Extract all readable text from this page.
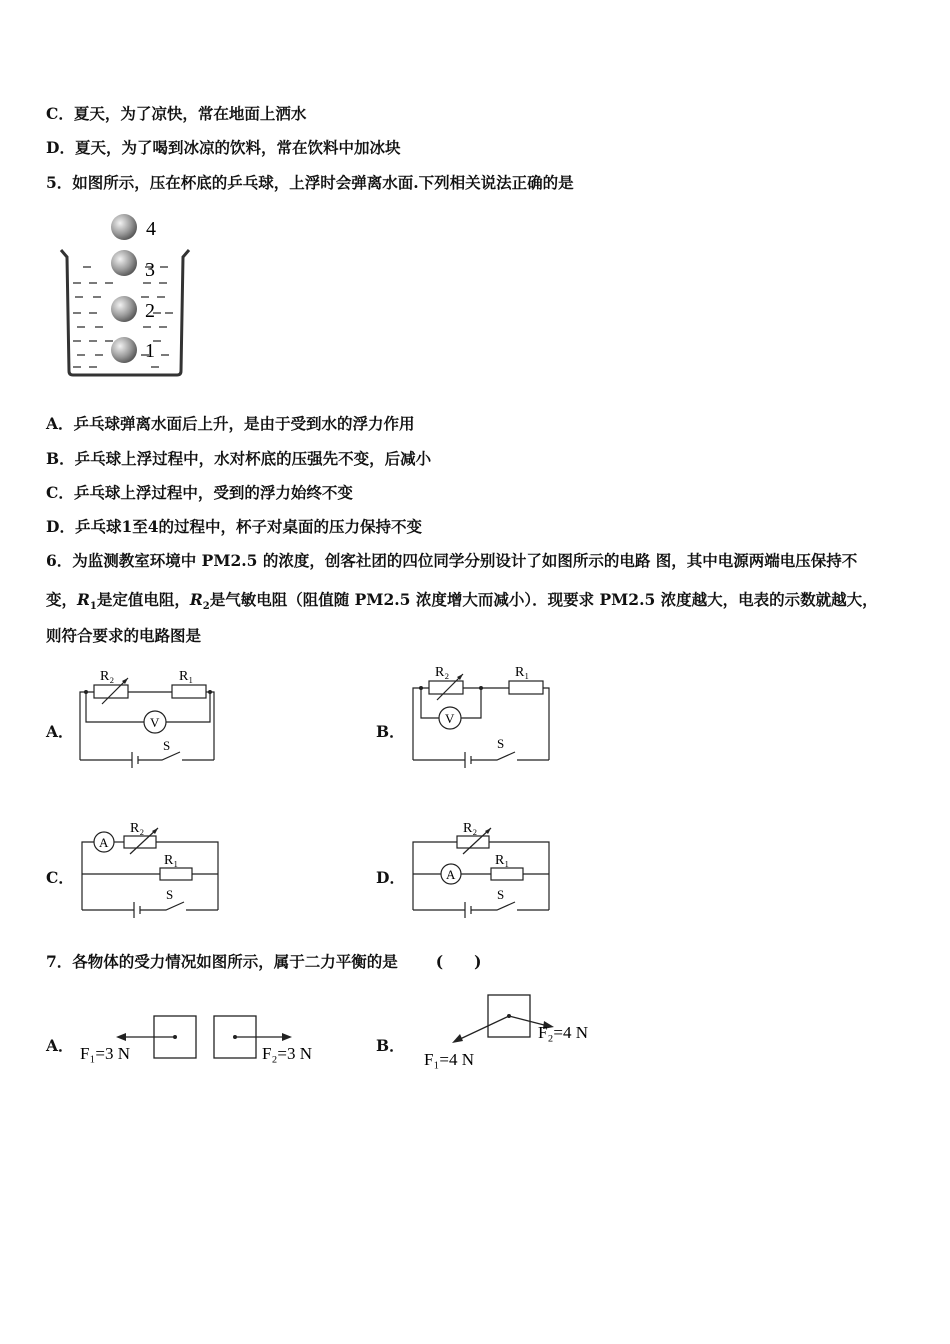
C．夏天，为了凉快，常在地面上洒水
D．夏天，为了喝到冰凉的饮料，常在饮料中加冰块
5．如图所示，压在杯底的乒乓球，上浮时会弹离水面.下列相关说法正确的是
4
3
2
1
A．乒乓球弹离水面后上升，是由于受到水的浮力作用
B．乒乓球上浮过程中，水对杯底的压强先不变，后减小
C．乒乓球上浮过程中，受到的浮力始终不变
D．乒乓球1至4的过程中，杯子对桌面的压力保持不变
6．为监测教室环境中 PM2.5 的浓度，创客社团的四位同学分别设计了如图所示的电路 图，其中电源两端电压保持不
变，$R_1$是定值电阻，$R_2$是气敏电阻（阻值随 PM2.5 浓度增大而减小）．现要求 PM2.5 浓度越大，电表的示数就越大，
则符合要求的电路图是
A．
R₂	R₁
V
S
B．
R₂	R₁
V
S
C．
A
R₂
R₁
S
D．	A
R₂
R₁
S
7．各物体的受力情况如图所示，属于二力平衡的是 (　　)
A． F₁=3 N	F₂=3 N	B．
F₁=4 N
F₂=4 N
